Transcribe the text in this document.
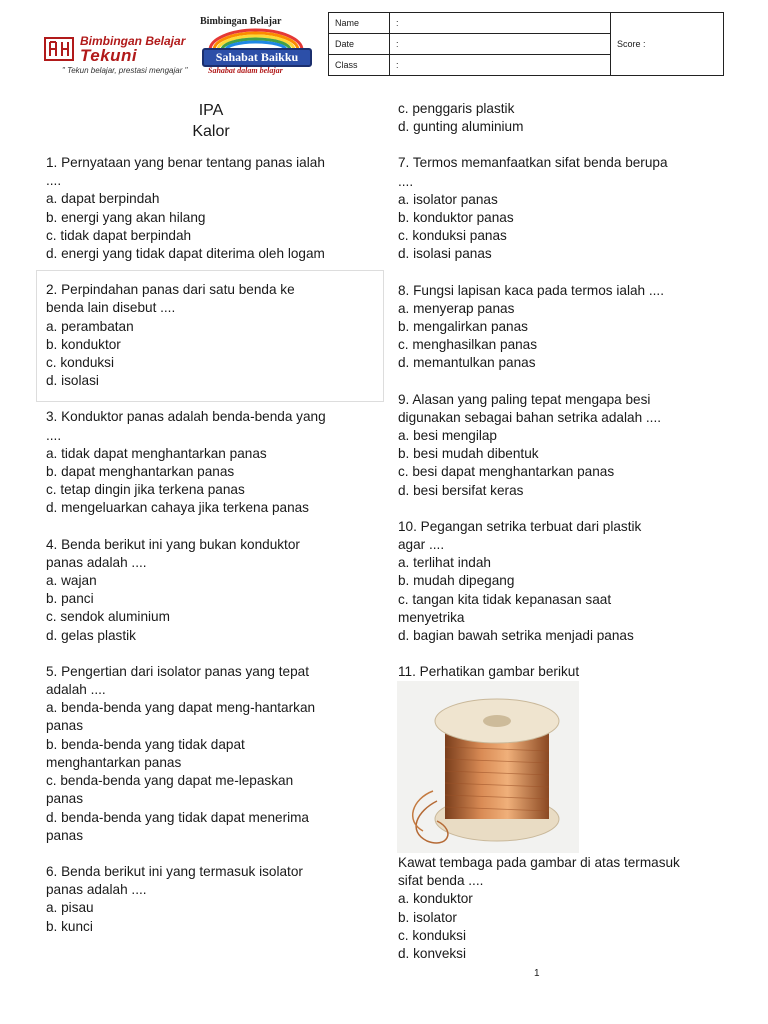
Bimbingan Belajar
Tekuni
" Tekun belajar, prestasi mengajar "
Bimbingan Belajar
Sahabat Baikku
Sahabat dalam belajar
Name	:	Score :
Date	:	
Class	:	

IPA

Kalor

1. Pernyataan yang benar tentang panas ialah

....

a. dapat berpindah

b. energi yang akan hilang

c. tidak dapat berpindah

d. energi yang tidak dapat diterima oleh logam

2. Perpindahan panas dari satu benda ke

benda lain disebut ....

a. perambatan

b. konduktor

c. konduksi

d. isolasi

3. Konduktor panas adalah benda-benda yang

....

a. tidak dapat menghantarkan panas

b. dapat menghantarkan panas

c. tetap dingin jika terkena panas

d. mengeluarkan cahaya jika terkena panas

4. Benda berikut ini yang bukan konduktor

panas adalah ....

a. wajan

b. panci

c. sendok aluminium

d. gelas plastik

5. Pengertian dari isolator panas yang tepat

adalah ....

a. benda-benda yang dapat meng-hantarkan

panas

b. benda-benda yang tidak dapat

menghantarkan panas

c. benda-benda yang dapat me-lepaskan

panas

d. benda-benda yang tidak dapat menerima

panas

6. Benda berikut ini yang termasuk isolator

panas adalah ....

a. pisau

b. kunci

c. penggaris plastik

d. gunting aluminium

7. Termos memanfaatkan sifat benda berupa

....

a. isolator panas

b. konduktor panas

c. konduksi panas

d. isolasi panas

8. Fungsi lapisan kaca pada termos ialah ....

a. menyerap panas

b. mengalirkan panas

c. menghasilkan panas

d. memantulkan panas

9. Alasan yang paling tepat mengapa besi

digunakan sebagai bahan setrika adalah ....

a. besi mengilap

b. besi mudah dibentuk

c. besi dapat menghantarkan panas

d. besi bersifat keras

10. Pegangan setrika terbuat dari plastik

agar ....

a. terlihat indah

b. mudah dipegang

c. tangan kita tidak kepanasan saat

menyetrika

d. bagian bawah setrika menjadi panas

11. Perhatikan gambar berikut

Kawat tembaga pada gambar di atas termasuk

sifat benda ....

a. konduktor

b. isolator

c. konduksi

d. konveksi

1
